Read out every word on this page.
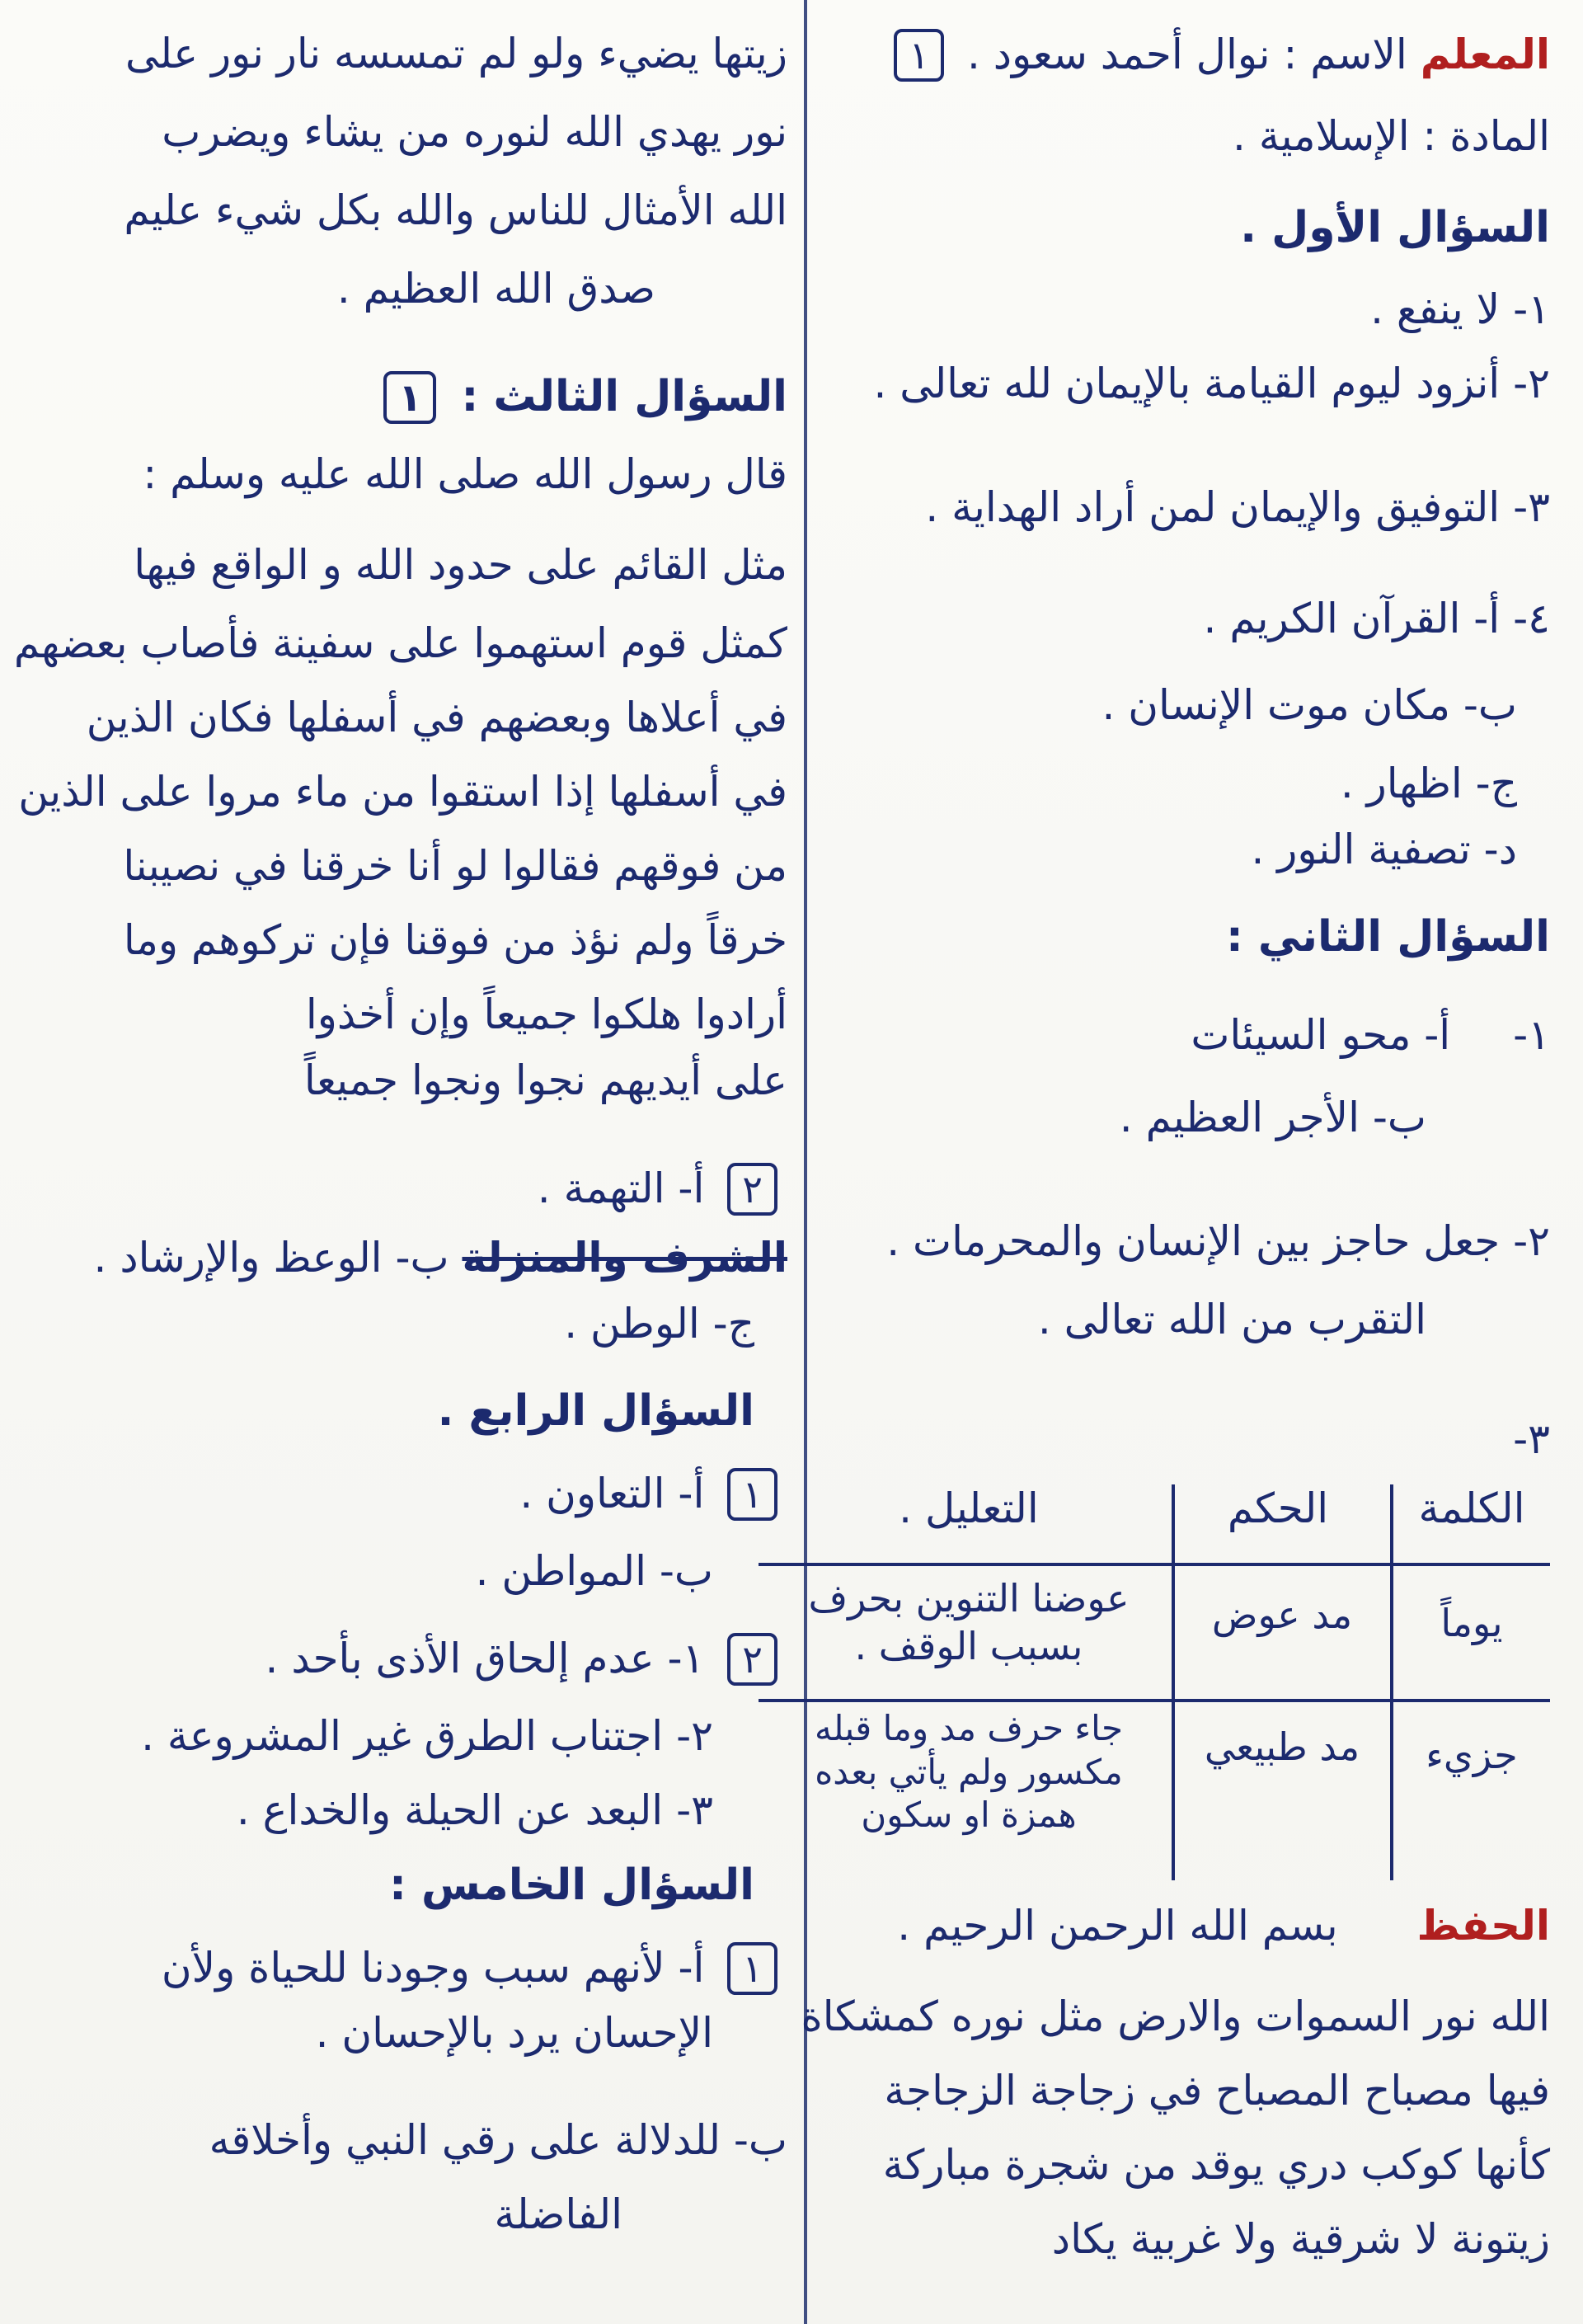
المعلم الاسم : نوال أحمد سعود . ١
المادة : الإسلامية .
السؤال الأول .
١- لا ينفع .
٢- أنزود ليوم القيامة بالإيمان لله تعالى .
٣- التوفيق والإيمان لمن أراد الهداية .
٤- أ- القرآن الكريم .
ب- مكان موت الإنسان .
ج- اظهار .
د- تصفية النور .
السؤال الثاني :
١- أ- محو السيئات
ب- الأجر العظيم .
٢- جعل حاجز بين الإنسان والمحرمات .
التقرب من الله تعالى .
٣-
الكلمة
الحكم
التعليل .
يوماً
مد عوض
عوضنا التنوين بحرف بسبب الوقف .
جزيء
مد طبيعي
جاء حرف مد وما قبله مكسور ولم يأتي بعده همزة او سكون
الحفظ بسم الله الرحمن الرحيم .
الله نور السموات والارض مثل نوره كمشكاة
فيها مصباح المصباح في زجاجة الزجاجة
كأنها كوكب دري يوقد من شجرة مباركة
زيتونة لا شرقية ولا غربية يكاد
زيتها يضيء ولو لم تمسسه نار نور على
نور يهدي الله لنوره من يشاء ويضرب
الله الأمثال للناس والله بكل شيء عليم
صدق الله العظيم .
السؤال الثالث : ١
قال رسول الله صلى الله عليه وسلم :
مثل القائم على حدود الله و الواقع فيها
كمثل قوم استهموا على سفينة فأصاب بعضهم
في أعلاها وبعضهم في أسفلها فكان الذين
في أسفلها إذا استقوا من ماء مروا على الذين
من فوقهم فقالوا لو أنا خرقنا في نصيبنا
خرقاً ولم نؤذ من فوقنا فإن تركوهم وما
أرادوا هلكوا جميعاً وإن أخذوا
على أيديهم نجوا ونجوا جميعاً
٢ أ- التهمة .
الشرف والمنزلة ب- الوعظ والإرشاد .
ج- الوطن .
السؤال الرابع .
١ أ- التعاون .
ب- المواطن .
٢ ١- عدم إلحاق الأذى بأحد .
٢- اجتناب الطرق غير المشروعة .
٣- البعد عن الحيلة والخداع .
السؤال الخامس :
١ أ- لأنهم سبب وجودنا للحياة ولأن
الإحسان يرد بالإحسان .
ب- للدلالة على رقي النبي وأخلاقه
الفاضلة
